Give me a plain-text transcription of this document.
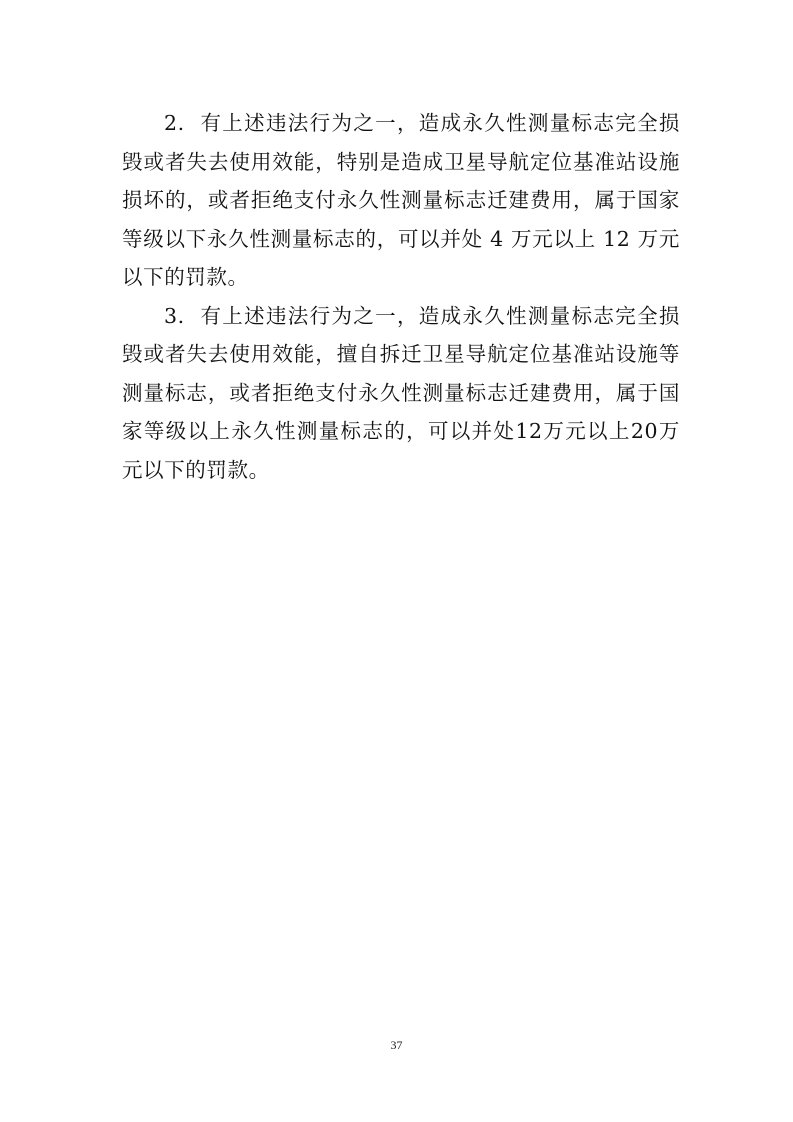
2. 有上述违法行为之一，造成永久性测量标志完全损毁或者失去使用效能，特别是造成卫星导航定位基准站设施损坏的，或者拒绝支付永久性测量标志迁建费用，属于国家等级以下永久性测量标志的，可以并处 4 万元以上 12 万元以下的罚款。

3. 有上述违法行为之一，造成永久性测量标志完全损毁或者失去使用效能，擅自拆迁卫星导航定位基准站设施等测量标志，或者拒绝支付永久性测量标志迁建费用，属于国家等级以上永久性测量标志的，可以并处12万元以上20万元以下的罚款。

37
